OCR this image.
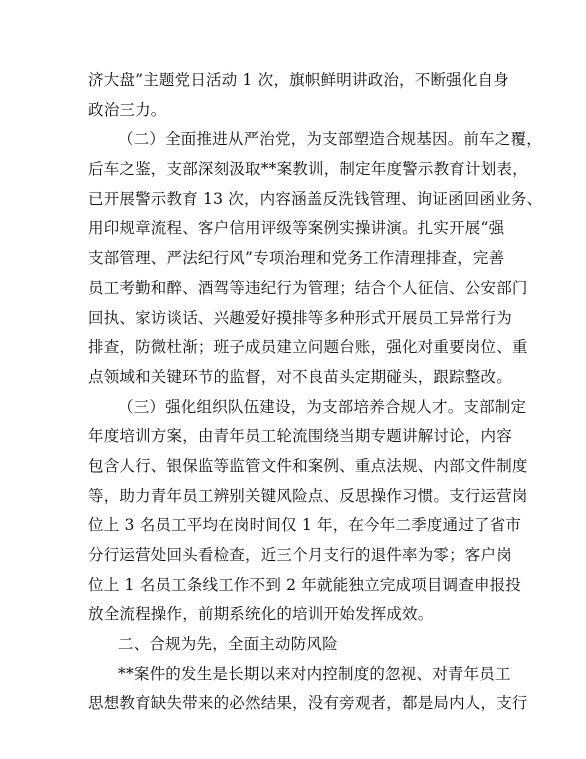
济大盘”主题党日活动 1 次，旗帜鲜明讲政治，不断强化自身
政治三力。
（二）全面推进从严治党，为支部塑造合规基因。前车之覆，
后车之鉴，支部深刻汲取**案教训，制定年度警示教育计划表，
已开展警示教育 13 次，内容涵盖反洗钱管理、询证函回函业务、
用印规章流程、客户信用评级等案例实操讲演。扎实开展“强
支部管理、严法纪行风”专项治理和党务工作清理排查，完善
员工考勤和醉、酒驾等违纪行为管理；结合个人征信、公安部门
回执、家访谈话、兴趣爱好摸排等多种形式开展员工异常行为
排查，防微杜渐；班子成员建立问题台账，强化对重要岗位、重
点领域和关键环节的监督，对不良苗头定期碰头，跟踪整改。
（三）强化组织队伍建设，为支部培养合规人才。支部制定
年度培训方案，由青年员工轮流围绕当期专题讲解讨论，内容
包含人行、银保监等监管文件和案例、重点法规、内部文件制度
等，助力青年员工辨别关键风险点、反思操作习惯。支行运营岗
位上 3 名员工平均在岗时间仅 1 年，在今年二季度通过了省市
分行运营处回头看检查，近三个月支行的退件率为零；客户岗
位上 1 名员工条线工作不到 2 年就能独立完成项目调查申报投
放全流程操作，前期系统化的培训开始发挥成效。
二、合规为先，全面主动防风险
**案件的发生是长期以来对内控制度的忽视、对青年员工
思想教育缺失带来的必然结果，没有旁观者，都是局内人，支行
